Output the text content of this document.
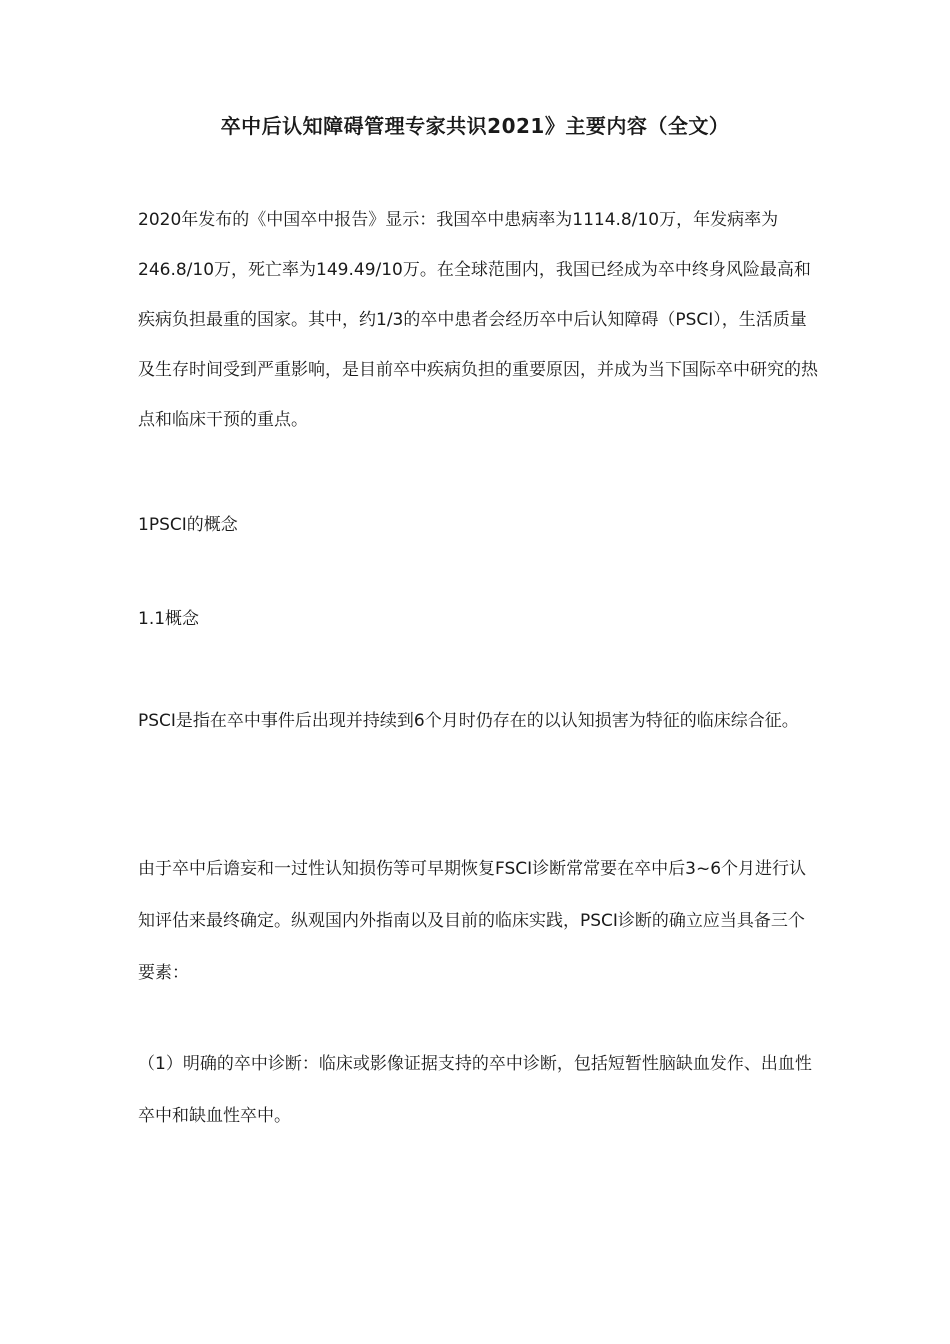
卒中后认知障碍管理专家共识2021》主要内容（全文）

2020年发布的《中国卒中报告》显示：我国卒中患病率为1114.8/10万，年发病率为246.8/10万，死亡率为149.49/10万。在全球范围内，我国已经成为卒中终身风险最高和疾病负担最重的国家。其中，约1/3的卒中患者会经历卒中后认知障碍（PSCI），生活质量及生存时间受到严重影响，是目前卒中疾病负担的重要原因，并成为当下国际卒中研究的热点和临床干预的重点。

1PSCI的概念

1.1概念

PSCI是指在卒中事件后出现并持续到6个月时仍存在的以认知损害为特征的临床综合征。

由于卒中后谵妄和一过性认知损伤等可早期恢复FSCI诊断常常要在卒中后3~6个月进行认知评估来最终确定。纵观国内外指南以及目前的临床实践，PSCI诊断的确立应当具备三个要素：

（1）明确的卒中诊断：临床或影像证据支持的卒中诊断，包括短暂性脑缺血发作、出血性卒中和缺血性卒中。
